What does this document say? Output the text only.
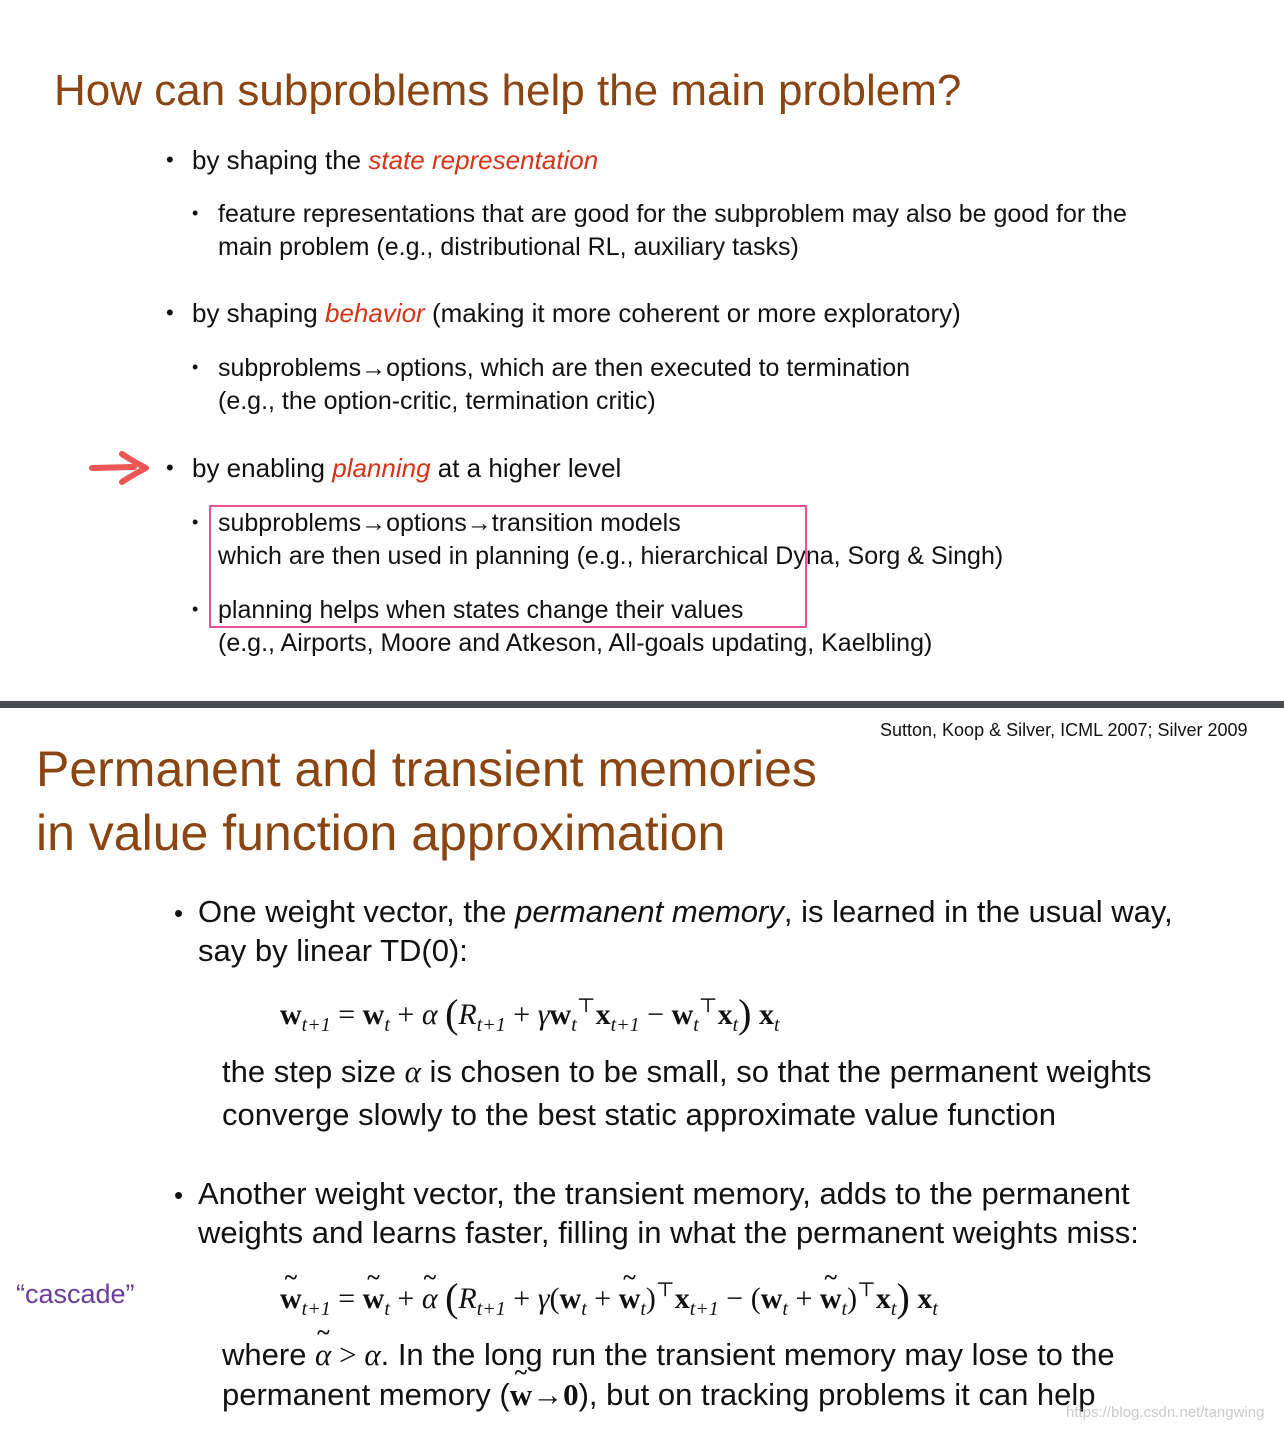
How can subproblems help the main problem?
• by shaping the state representation
• feature representations that are good for the subproblem may also be good for the
main problem (e.g., distributional RL, auxiliary tasks)
• by shaping behavior (making it more coherent or more exploratory)
• subproblems→options, which are then executed to termination
(e.g., the option-critic, termination critic)
• by enabling planning at a higher level
• subproblems→options→transition models
which are then used in planning (e.g., hierarchical Dyna, Sorg & Singh)
• planning helps when states change their values
(e.g., Airports, Moore and Atkeson, All-goals updating, Kaelbling)
Sutton, Koop & Silver, ICML 2007; Silver 2009
Permanent and transient memories
in value function approximation
• One weight vector, the permanent memory, is learned in the usual way,
say by linear TD(0):
$w_{t+1} = w_t + \alpha$ $(R_{t+1} + \gamma w_t^⊤x_{t+1} - w_t^⊤x_t)$ $x_t$
the step size α is chosen to be small, so that the permanent weights
converge slowly to the best static approximate value function
• Another weight vector, the transient memory, adds to the permanent
weights and learns faster, filling in what the permanent weights miss:
“cascade”
~	$w_{t+1}$ = ~ $w_t$ + ~ α ($R_{t+1} + \gamma(w_t$ + ~ $w_t)^⊤x_{t+1} - (w_t$ + ~ $w_t)^⊤x_t$) $x_t$
where ~ α > α. In the long run the transient memory may lose to the
permanent memory (~ w→0), but on tracking problems it can help
https://blog.csdn.net/tangwing
